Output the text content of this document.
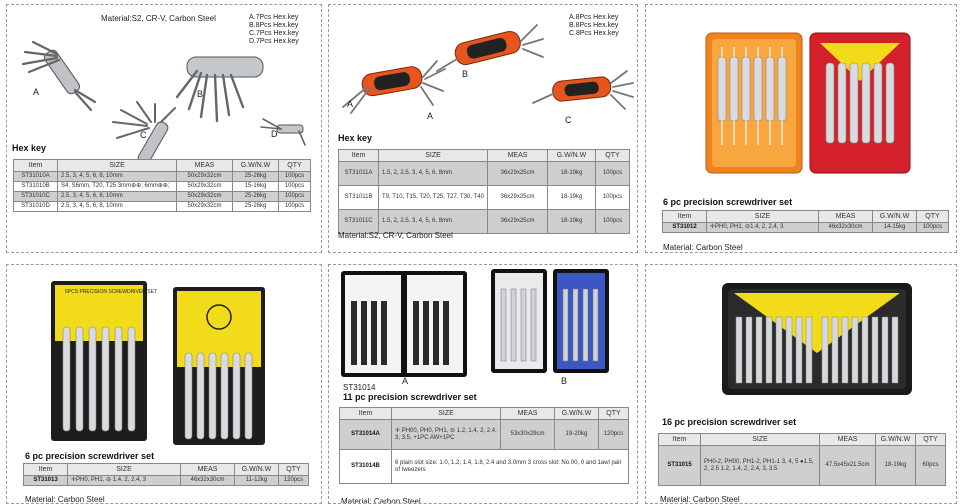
Material:S2, CR-V, Carbon Steel	A.7Pcs Hex.key
B.8Pcs Hex.key
C.7Pcs Hex.key
D.7Pcs Hex.key
A	B
C	D
Hex key
Item	SIZE	MEAS	G.W/N.W	QTY
ST31010A	2.5, 3, 4, 5, 6, 8, 10mm	50x29x32cm	25-26kg	100pcs
ST31010B	S4, S6mm, T20, T25 3mm⊕⊕; 6mm⊕⊕;	50x29x32cm	15-16kg	100pcs
ST31010C	2.5, 3, 4, 5, 6, 8, 10mm	50x29x32cm	25-26kg	100pcs
ST31010D	2.5, 3, 4, 5, 6, 8, 10mm	50x29x32cm	25-26kg	100pcs
A.8Pcs Hex.key
B.8Pcs Hex.key
C.8Pcs Hex.key
A
A
B
C
Hex key
Item	SIZE	MEAS	G.W/N.W	QTY
ST31011A	1.5, 2, 2.5, 3, 4, 5, 6, 8mm	36x29x25cm	18-19kg	100pcs
ST31011B	T9, T10, T15, T20, T25, T27, T30, T40	36x29x25cm	18-19kg	100pcs
ST31011C	1.5, 2, 2.5, 3, 4, 5, 6, 8mm	36x29x25cm	18-19kg	100pcs
Material:S2, CR-V, Carbon Steel
6 pc precision screwdriver set
Item	SIZE	MEAS	G.W/N.W	QTY
ST31012	✛PH0, PH1, ⊖1.4, 2, 2.4, 3	46x32x30cm	14-15kg	100pcs
Material: Carbon Steel
6PCS PRECISION SCREWDRIVER SET
6 pc precision screwdriver set
Item	SIZE	MEAS	G.W/N.W	QTY
ST31013	✛PH0, PH1, ⊖ 1.4, 2, 2.4, 3	46x32x30cm	11-12kg	120pcs
Material: Carbon Steel
ST31014
A	B
11 pc precision screwdriver set
Item	SIZE	MEAS	G.W/N.W	QTY
ST31014A	✛ PH00, PH0, PH1, ⊖ 1.2, 1.4, 2, 2.4, 3, 3.5, +1PC AW+1PC	53x30x29cm	19-20kg	120pcs
ST31014B	6 plain slot size: 1.0, 1.2, 1.4, 1.8, 2.4 and 3.0mm 3 cross slot: No.00, 0 and 1awl pair of tweezers			
Material: Carbon Steel
16 pc precision screwdriver set
Item	SIZE	MEAS	G.W/N.W	QTY
ST31015	PH0-2, PH00, PH1-2, PH1-1 3, 4, 5 ●1.5, 2, 2.5 1.2, 1.4, 2, 2.4, 3, 3.5	47.5x45x21.5cm	18-19kg	60pcs
Material: Carbon Steel
